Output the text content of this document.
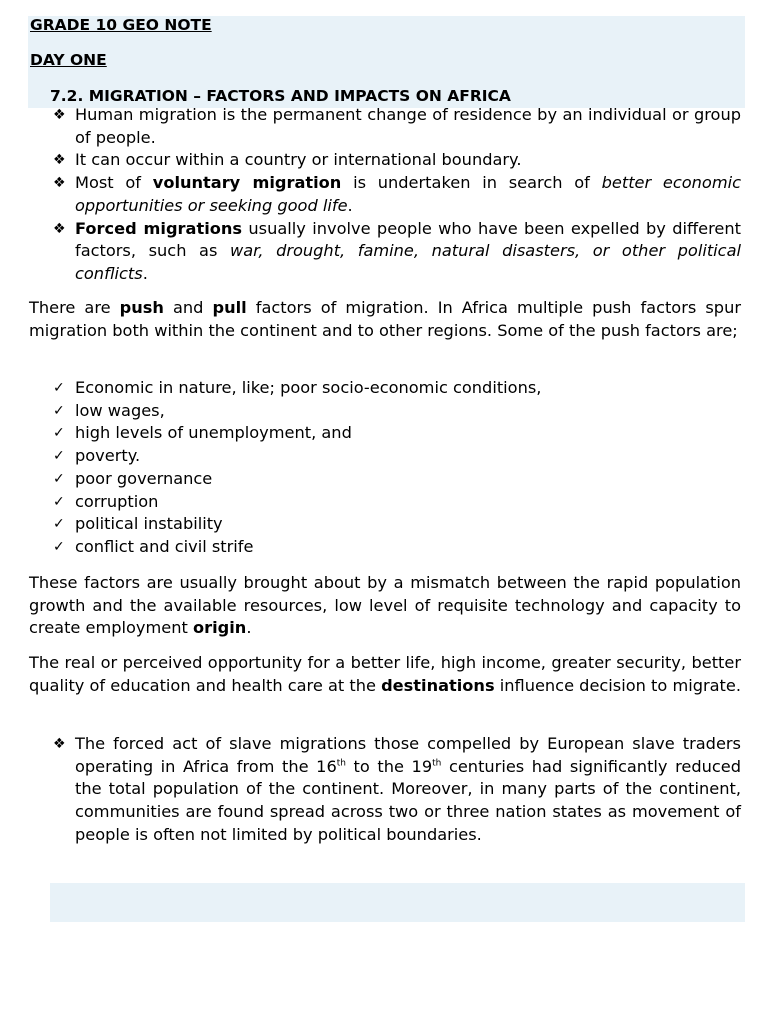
GRADE 10 GEO NOTE
DAY ONE
7.2. MIGRATION – FACTORS AND IMPACTS ON AFRICA
❖ Human migration is the permanent change of residence by an individual or group of people.
❖ It can occur within a country or international boundary.
❖ Most of voluntary migration is undertaken in search of better economic opportunities or seeking good life.
❖ Forced migrations usually involve people who have been expelled by different factors, such as war, drought, famine, natural disasters, or other political conflicts.

There are push and pull factors of migration. In Africa multiple push factors spur migration both within the continent and to other regions. Some of the push factors are;

✓ Economic in nature, like; poor socio-economic conditions,
✓ low wages,
✓ high levels of unemployment, and
✓ poverty.
✓ poor governance
✓ corruption
✓ political instability
✓ conflict and civil strife

These factors are usually brought about by a mismatch between the rapid population growth and the available resources, low level of requisite technology and capacity to create employment origin.

The real or perceived opportunity for a better life, high income, greater security, better quality of education and health care at the destinations influence decision to migrate.

❖ The forced act of slave migrations those compelled by European slave traders operating in Africa from the 16th to the 19th centuries had significantly reduced the total population of the continent. Moreover, in many parts of the continent, communities are found spread across two or three nation states as movement of people is often not limited by political boundaries.
